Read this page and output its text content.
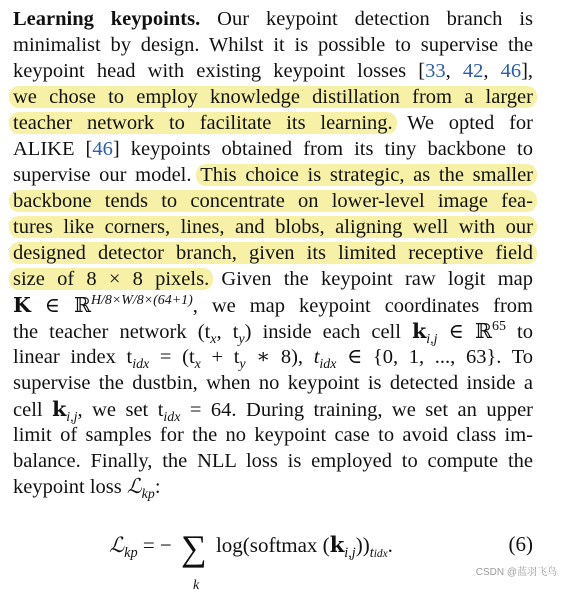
Learning keypoints. Our keypoint detection branch is
minimalist by design. Whilst it is possible to supervise the
keypoint head with existing keypoint losses [33, 42, 46],
we chose to employ knowledge distillation from a larger
teacher network to facilitate its learning. We opted for
ALIKE [46] keypoints obtained from its tiny backbone to
supervise our model. This choice is strategic, as the smaller
backbone tends to concentrate on lower-level image fea-
tures like corners, lines, and blobs, aligning well with our
designed detector branch, given its limited receptive field
size of 8 × 8 pixels. Given the keypoint raw logit map
K ∈ ℝ$^{H/8\times W/8\times(64+1)}$, we map keypoint coordinates from
the teacher network ($t_x$, $t_y$) inside each cell $k_{i,j}$ ∈ ℝ$^{65}$ to
linear index $t_{idx} = (t_x + t_y$ ∗ 8), $t_{idx}$ ∈ {0, 1, ..., 63}. To
supervise the dustbin, when no keypoint is detected inside a
cell $k_{i,j}$, we set $t_{idx} = 64$. During training, we set an upper
limit of samples for the no keypoint case to avoid class im-
balance. Finally, the NLL loss is employed to compute the
keypoint loss ℒ$_{kp}$:
ℒ$_{kp}$ = − ∑
k
log(softmax $(k_{i,j}))_{tidx}$.	(6)
CSDN @蓝羽飞鸟
